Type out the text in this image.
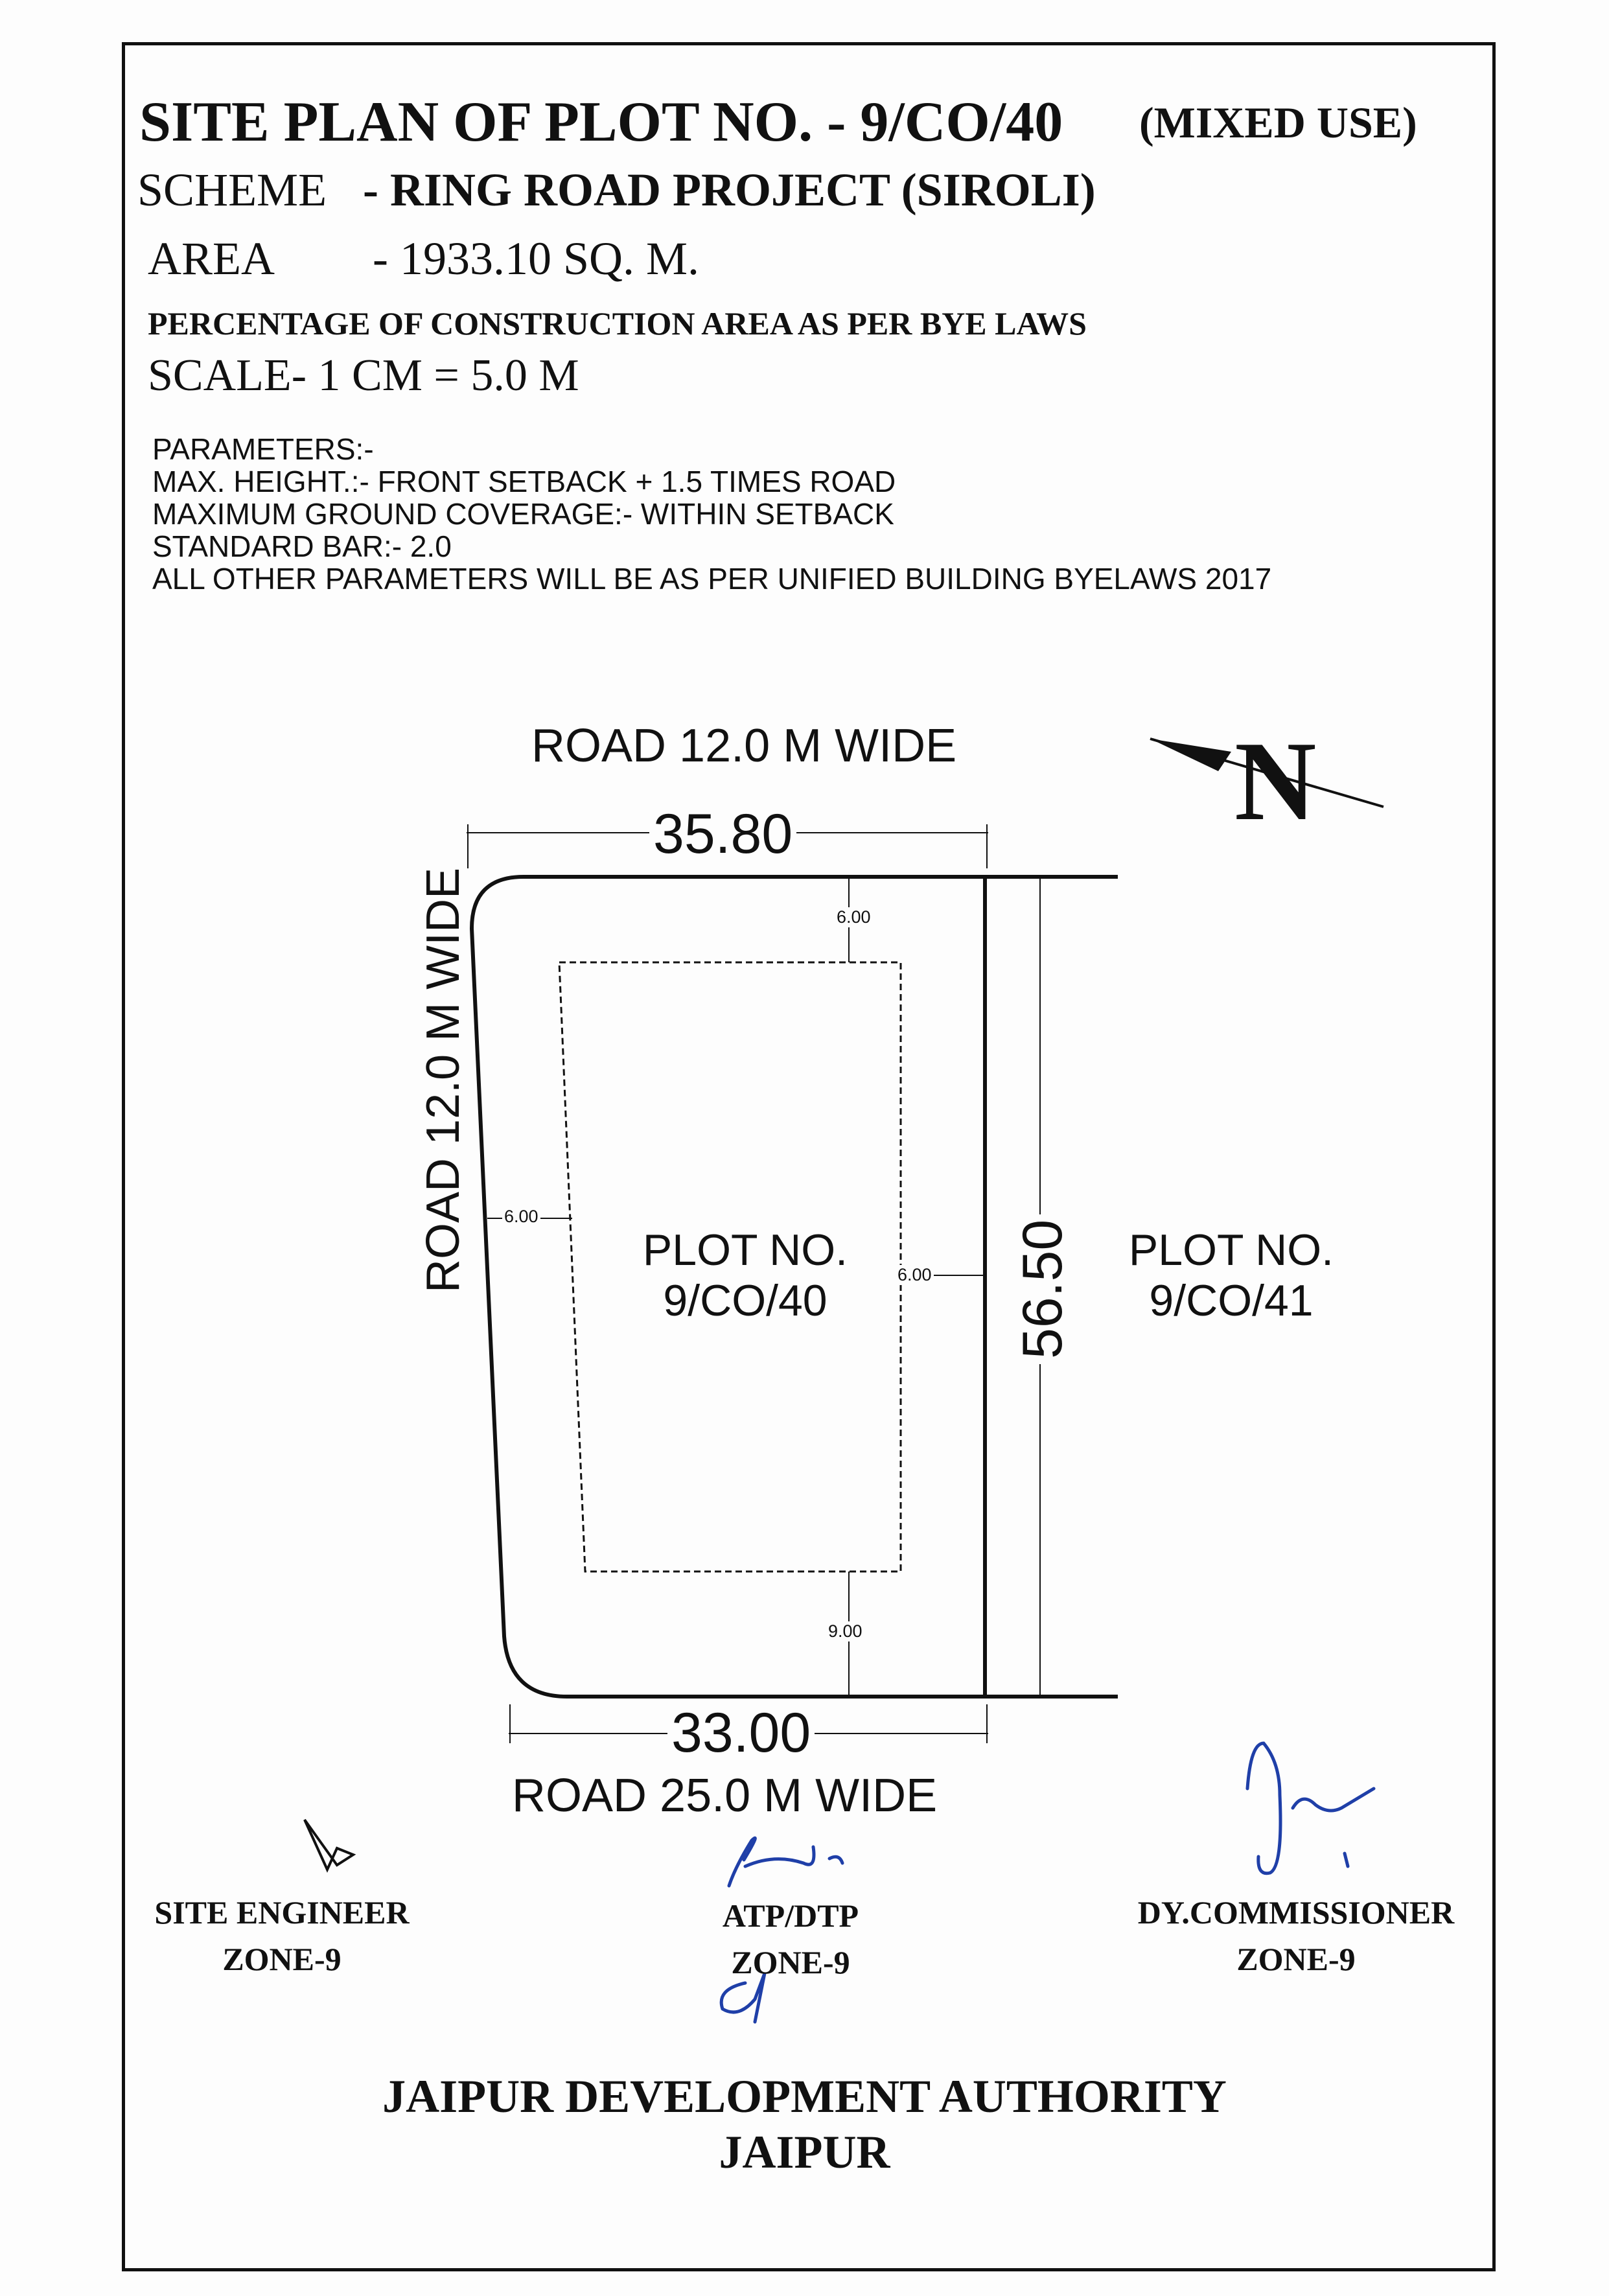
SITE PLAN OF PLOT NO. - 9/CO/40 (MIXED USE)
SCHEME - RING ROAD PROJECT (SIROLI)
AREA - 1933.10 SQ. M.
PERCENTAGE OF CONSTRUCTION AREA AS PER BYE LAWS
SCALE- 1 CM = 5.0 M
PARAMETERS:-
MAX. HEIGHT.:- FRONT SETBACK + 1.5 TIMES ROAD
MAXIMUM GROUND COVERAGE:- WITHIN SETBACK
STANDARD BAR:- 2.0
ALL OTHER PARAMETERS WILL BE AS PER UNIFIED BUILDING BYELAWS 2017
ROAD 12.0 M WIDE
ROAD 12.0 M WIDE
ROAD 25.0 M WIDE
35.80
33.00
56.50
6.00
6.00
6.00
9.00
PLOT NO.
9/CO/40
PLOT NO.
9/CO/41
N
SITE ENGINEER
ZONE-9
ATP/DTP
ZONE-9
DY.COMMISSIONER
ZONE-9
JAIPUR DEVELOPMENT AUTHORITY
JAIPUR
